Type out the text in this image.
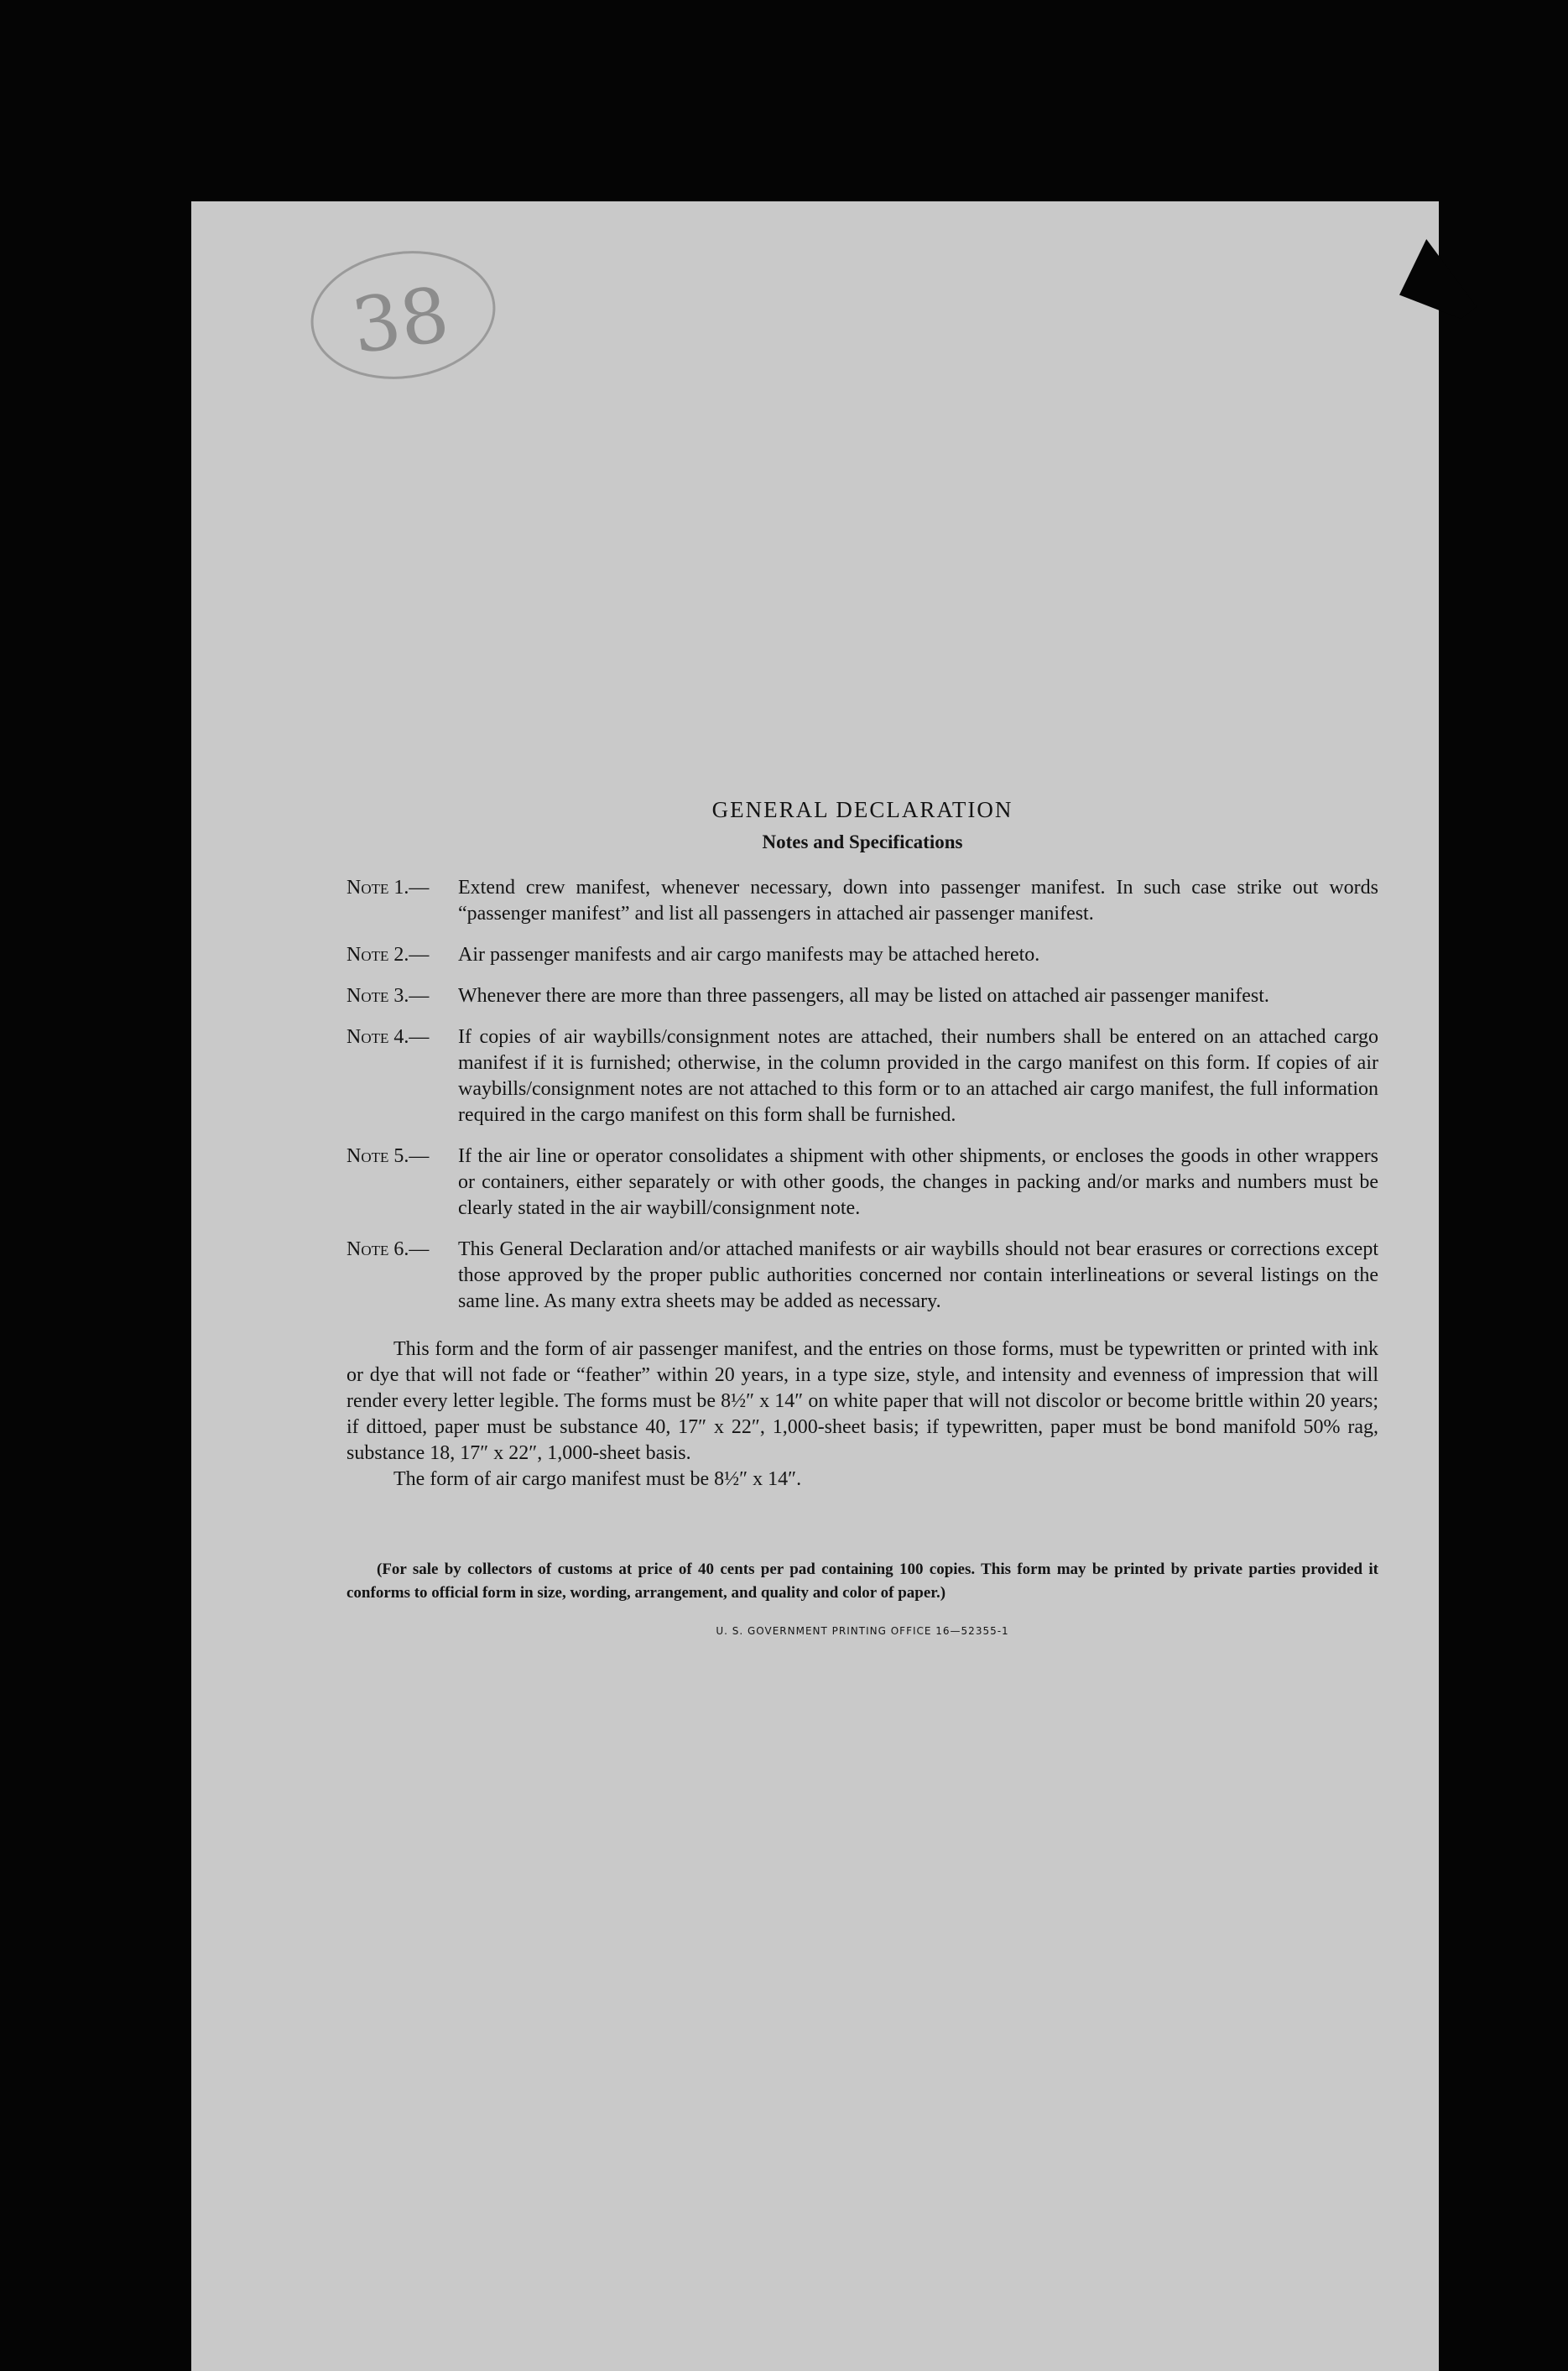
38
GENERAL DECLARATION
Notes and Specifications
Note 1.—	Extend crew manifest, whenever necessary, down into passenger manifest. In such case strike out words “passenger manifest” and list all passengers in attached air passenger manifest.
Note 2.—	Air passenger manifests and air cargo manifests may be attached hereto.
Note 3.—	Whenever there are more than three passengers, all may be listed on attached air passenger manifest.
Note 4.—	If copies of air waybills/consignment notes are attached, their numbers shall be entered on an attached cargo manifest if it is furnished; otherwise, in the column provided in the cargo manifest on this form. If copies of air waybills/consignment notes are not attached to this form or to an attached air cargo manifest, the full information required in the cargo manifest on this form shall be furnished.
Note 5.—	If the air line or operator consolidates a shipment with other shipments, or encloses the goods in other wrappers or containers, either separately or with other goods, the changes in packing and/or marks and numbers must be clearly stated in the air waybill/consignment note.
Note 6.—	This General Declaration and/or attached manifests or air waybills should not bear erasures or corrections except those approved by the proper public authorities concerned nor contain interlineations or several listings on the same line. As many extra sheets may be added as necessary.

This form and the form of air passenger manifest, and the entries on those forms, must be typewritten or printed with ink or dye that will not fade or “feather” within 20 years, in a type size, style, and intensity and evenness of impression that will render every letter legible. The forms must be 8½″ x 14″ on white paper that will not discolor or become brittle within 20 years; if dittoed, paper must be substance 40, 17″ x 22″, 1,000-sheet basis; if typewritten, paper must be bond manifold 50% rag, substance 18, 17″ x 22″, 1,000-sheet basis.

The form of air cargo manifest must be 8½″ x 14″.

(For sale by collectors of customs at price of 40 cents per pad containing 100 copies. This form may be printed by private parties provided it conforms to official form in size, wording, arrangement, and quality and color of paper.)

U. S. GOVERNMENT PRINTING OFFICE 16—52355-1
